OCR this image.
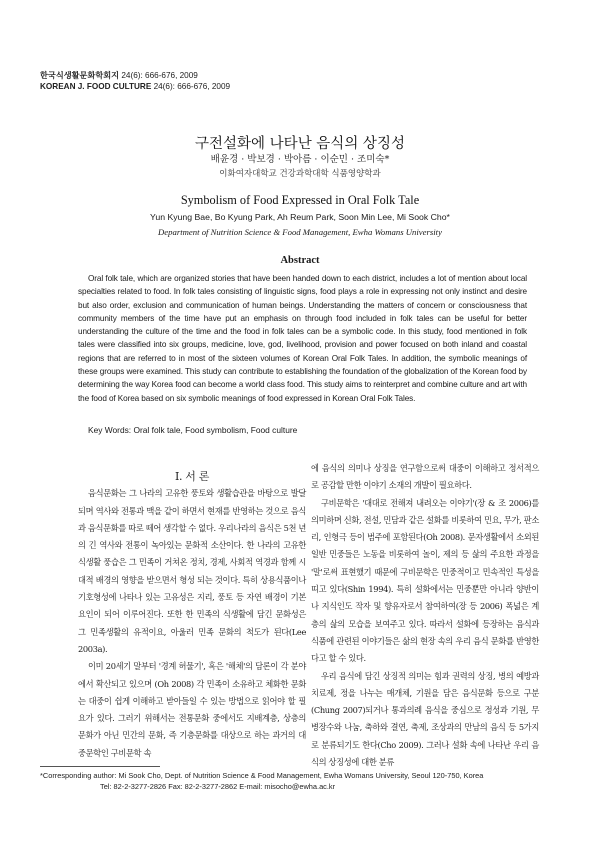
한국식생활문화학회지 24(6): 666-676, 2009
KOREAN J. FOOD CULTURE 24(6): 666-676, 2009
구전설화에 나타난 음식의 상징성
배윤경 · 박보경 · 박아름 · 이순민 · 조미숙*
이화여자대학교 건강과학대학 식품영양학과
Symbolism of Food Expressed in Oral Folk Tale
Yun Kyung Bae, Bo Kyung Park, Ah Reum Park, Soon Min Lee, Mi Sook Cho*
Department of Nutrition Science & Food Management, Ewha Womans University
Abstract
Oral folk tale, which are organized stories that have been handed down to each district, includes a lot of mention about local specialties related to food. In folk tales consisting of linguistic signs, food plays a role in expressing not only instinct and desire but also order, exclusion and communication of human beings. Understanding the matters of concern or consciousness that community members of the time have put an emphasis on through food included in folk tales can be useful for better understanding the culture of the time and the food in folk tales can be a symbolic code. In this study, food mentioned in folk tales were classified into six groups, medicine, love, god, livelihood, provision and power focused on both inland and coastal regions that are referred to in most of the sixteen volumes of Korean Oral Folk Tales. In addition, the symbolic meanings of these groups were examined. This study can contribute to establishing the foundation of the globalization of the Korean food by determining the way Korea food can become a world class food. This study aims to reinterpret and combine culture and art with the food of Korea based on six symbolic meanings of food expressed in Korean Oral Folk Tales.
Key Words: Oral folk tale, Food symbolism, Food culture

Ⅰ. 서 론

음식문화는 그 나라의 고유한 풍토와 생활습관을 바탕으로 발달되며 역사와 전통과 맥을 같이 하면서 현재를 반영하는 것으로 음식과 음식문화를 따로 떼어 생각할 수 없다. 우리나라의 음식은 5천 년의 긴 역사와 전통이 녹아있는 문화적 소산이다. 한 나라의 고유한 식생활 풍습은 그 민족이 거쳐온 정치, 경제, 사회적 역경과 함께 시대적 배경의 영향을 받으면서 형성 되는 것이다. 특히 상용식품이나 기호형성에 나타나 있는 고유성은 지리, 풍토 등 자연 배경이 기본요인이 되어 이루어진다. 또한 한 민족의 식생활에 담긴 문화성은 그 민족생활의 유적이요, 아울러 민족 문화의 척도가 된다(Lee 2003a).

이미 20세기 말부터 '경계 허물기', 혹은 '해체'의 담론이 각 분야에서 확산되고 있으며 (Oh 2008) 각 민족이 소유하고 체화한 문화는 대중이 쉽게 이해하고 받아들일 수 있는 방법으로 읽어야 할 필요가 있다. 그러기 위해서는 전통문화 중에서도 지배계층, 상층의 문화가 아닌 민간의 문화, 즉 기층문화를 대상으로 하는 과거의 대중문학인 구비문학 속

에 음식의 의미나 상징을 연구함으로써 대중이 이해하고 정서적으로 공감할 만한 이야기 소재의 개발이 필요하다.

구비문학은 '대대로 전해져 내려오는 이야기'(장 & 조 2006)를 의미하며 신화, 전설, 민담과 같은 설화를 비롯하여 민요, 무가, 판소리, 인형극 등이 범주에 포함된다(Oh 2008). 문자생활에서 소외된 일반 민중들은 노동을 비롯하여 놀이, 제의 등 삶의 주요한 과정을 '말'로써 표현했기 때문에 구비문학은 민중적이고 민속적인 특성을 띠고 있다(Shin 1994). 특히 설화에서는 민중뿐만 아니라 양반이나 지식인도 작자 및 향유자로서 참여하여(장 등 2006) 폭넓은 계층의 삶의 모습을 보여주고 있다. 따라서 설화에 등장하는 음식과 식품에 관련된 이야기들은 삶의 현장 속의 우리 음식 문화를 반영한다고 할 수 있다.

우리 음식에 담긴 상징적 의미는 힘과 권력의 상징, 병의 예방과 치료제, 정을 나누는 매개체, 기원을 담은 음식문화 등으로 구분(Chung 2007)되거나 통과의례 음식을 중심으로 정성과 기원, 무병장수와 나눔, 축하와 결연, 축제, 조상과의 만남의 음식 등 5가지로 분류되기도 한다(Cho 2009). 그러나 설화 속에 나타난 우리 음식의 상징성에 대한 분류

*Corresponding author: Mi Sook Cho, Dept. of Nutrition Science & Food Management, Ewha Womans University, Seoul 120-750, Korea
Tel: 82-2-3277-2826 Fax: 82-2-3277-2862 E-mail: misocho@ewha.ac.kr
